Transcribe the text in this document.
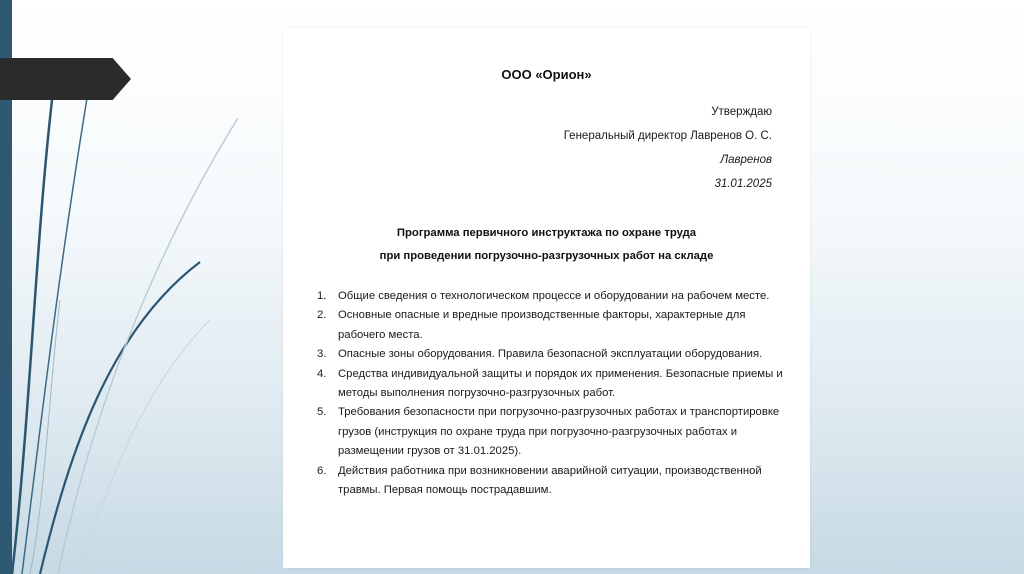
ООО «Орион»
Утверждаю
Генеральный директор Лавренов О. С.
Лавренов
31.01.2025
Программа первичного инструктажа по охране труда
при проведении погрузочно-разгрузочных работ на складе
1. Общие сведения о технологическом процессе и оборудовании на рабочем месте.
2. Основные опасные и вредные производственные факторы, характерные для рабочего места.
3. Опасные зоны оборудования. Правила безопасной эксплуатации оборудования.
4. Средства индивидуальной защиты и порядок их применения. Безопасные приемы и методы выполнения погрузочно-разгрузочных работ.
5. Требования безопасности при погрузочно-разгрузочных работах и транспортировке грузов (инструкция по охране труда при погрузочно-разгрузочных работах и размещении грузов от 31.01.2025).
6. Действия работника при возникновении аварийной ситуации, производственной травмы. Первая помощь пострадавшим.
